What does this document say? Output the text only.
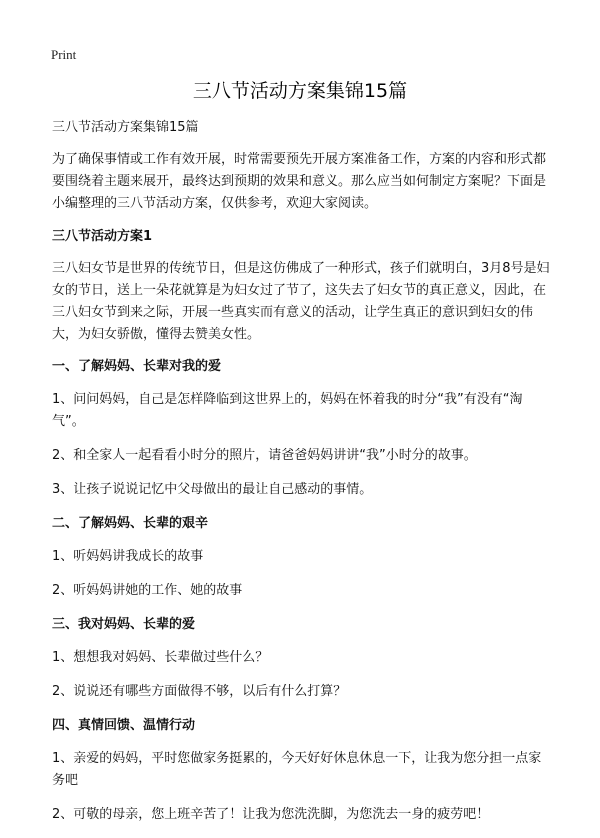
Print
三八节活动方案集锦15篇

三八节活动方案集锦15篇

为了确保事情或工作有效开展，时常需要预先开展方案准备工作，方案的内容和形式都要围绕着主题来展开，最终达到预期的效果和意义。那么应当如何制定方案呢？下面是小编整理的三八节活动方案，仅供参考，欢迎大家阅读。

三八节活动方案1

三八妇女节是世界的传统节日，但是这仿佛成了一种形式，孩子们就明白，3月8号是妇女的节日，送上一朵花就算是为妇女过了节了，这失去了妇女节的真正意义，因此，在三八妇女节到来之际，开展一些真实而有意义的活动，让学生真正的意识到妇女的伟大，为妇女骄傲，懂得去赞美女性。

一、了解妈妈、长辈对我的爱

1、问问妈妈，自己是怎样降临到这世界上的，妈妈在怀着我的时分“我”有没有“淘气”。

2、和全家人一起看看小时分的照片，请爸爸妈妈讲讲“我”小时分的故事。

3、让孩子说说记忆中父母做出的最让自己感动的事情。

二、了解妈妈、长辈的艰辛

1、听妈妈讲我成长的故事

2、听妈妈讲她的工作、她的故事

三、我对妈妈、长辈的爱

1、想想我对妈妈、长辈做过些什么？

2、说说还有哪些方面做得不够，以后有什么打算？

四、真情回馈、温情行动

1、亲爱的妈妈，平时您做家务挺累的，今天好好休息休息一下，让我为您分担一点家务吧

2、可敬的母亲，您上班辛苦了！让我为您洗洗脚，为您洗去一身的疲劳吧！
